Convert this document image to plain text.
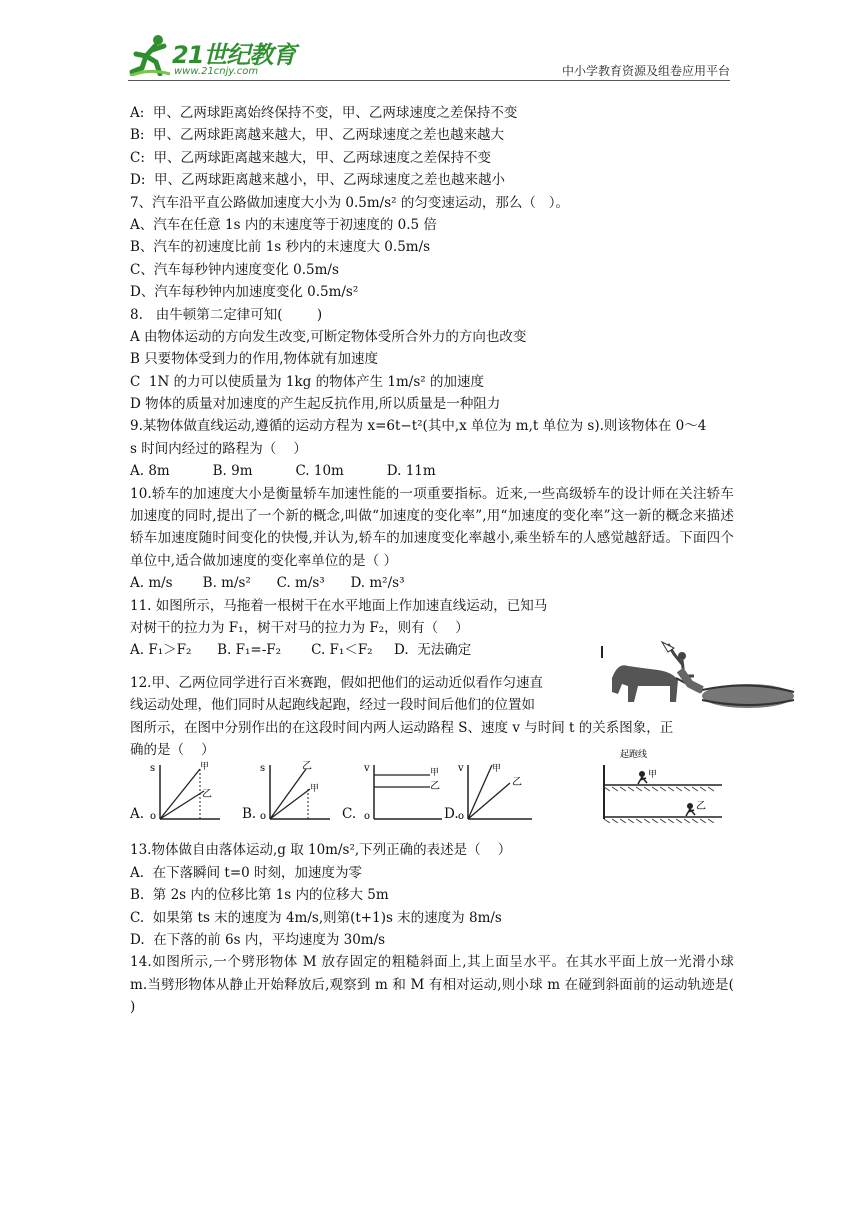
21世纪教育
www.21cnjy.com	中小学教育资源及组卷应用平台
A:  甲、乙两球距离始终保持不变，甲、乙两球速度之差保持不变
B:  甲、乙两球距离越来越大，甲、乙两球速度之差也越来越大
C:  甲、乙两球距离越来越大，甲、乙两球速度之差保持不变
D:  甲、乙两球距离越来越小，甲、乙两球速度之差也越来越小
7、汽车沿平直公路做加速度大小为 0.5m/s² 的匀变速运动，那么（   ）。
A、汽车在任意 1s 内的末速度等于初速度的 0.5 倍
B、汽车的初速度比前 1s 秒内的末速度大 0.5m/s
C、汽车每秒钟内速度变化 0.5m/s
D、汽车每秒钟内加速度变化 0.5m/s²
8.   由牛顿第二定律可知(        )
A 由物体运动的方向发生改变,可断定物体受所合外力的方向也改变
B 只要物体受到力的作用,物体就有加速度
C  1N 的力可以使质量为 1kg 的物体产生 1m/s² 的加速度
D 物体的质量对加速度的产生起反抗作用,所以质量是一种阻力
9.某物体做直线运动,遵循的运动方程为 x=6t−t²(其中,x 单位为 m,t 单位为 s).则该物体在 0～4
s 时间内经过的路程为（    ）
A. 8m          B. 9m          C. 10m          D. 11m
10.轿车的加速度大小是衡量轿车加速性能的一项重要指标。近来,一些高级轿车的设计师在关注轿车加速度的同时,提出了一个新的概念,叫做“加速度的变化率”,用“加速度的变化率”这一新的概念来描述轿车加速度随时间变化的快慢,并认为,轿车的加速度变化率越小,乘坐轿车的人感觉越舒适。下面四个单位中,适合做加速度的变化率单位的是（ ）
A. m/s       B. m/s²      C. m/s³      D. m²/s³
11. 如图所示，马拖着一根树干在水平地面上作加速直线运动，已知马
对树干的拉力为 F₁，树干对马的拉力为 F₂，则有（    ）
A. F₁＞F₂      B. F₁=-F₂       C. F₁＜F₂     D.  无法确定
12.甲、乙两位同学进行百米赛跑，假如把他们的运动近似看作匀速直
线运动处理，他们同时从起跑线起跑，经过一段时间后他们的位置如
图所示，在图中分别作出的在这段时间内两人运动路程 S、速度 v 与时间 t 的关系图象，正
确的是（    ）
A.
s	甲
乙
o	B.
s	乙
甲
o	C.
v	甲
乙
o	D.
v	甲
乙
o
起跑线
甲
乙
13.物体做自由落体运动,g 取 10m/s²,下列正确的表述是（    ）
A.  在下落瞬间 t=0 时刻，加速度为零
B.  第 2s 内的位移比第 1s 内的位移大 5m
C.  如果第 ts 末的速度为 4m/s,则第(t+1)s 末的速度为 8m/s
D.  在下落的前 6s 内，平均速度为 30m/s
14.如图所示,一个劈形物体 M 放存固定的粗糙斜面上,其上面呈水平。在其水平面上放一光滑小球 m.当劈形物体从静止开始释放后,观察到 m 和 M 有相对运动,则小球 m 在碰到斜面前的运动轨迹是( )
